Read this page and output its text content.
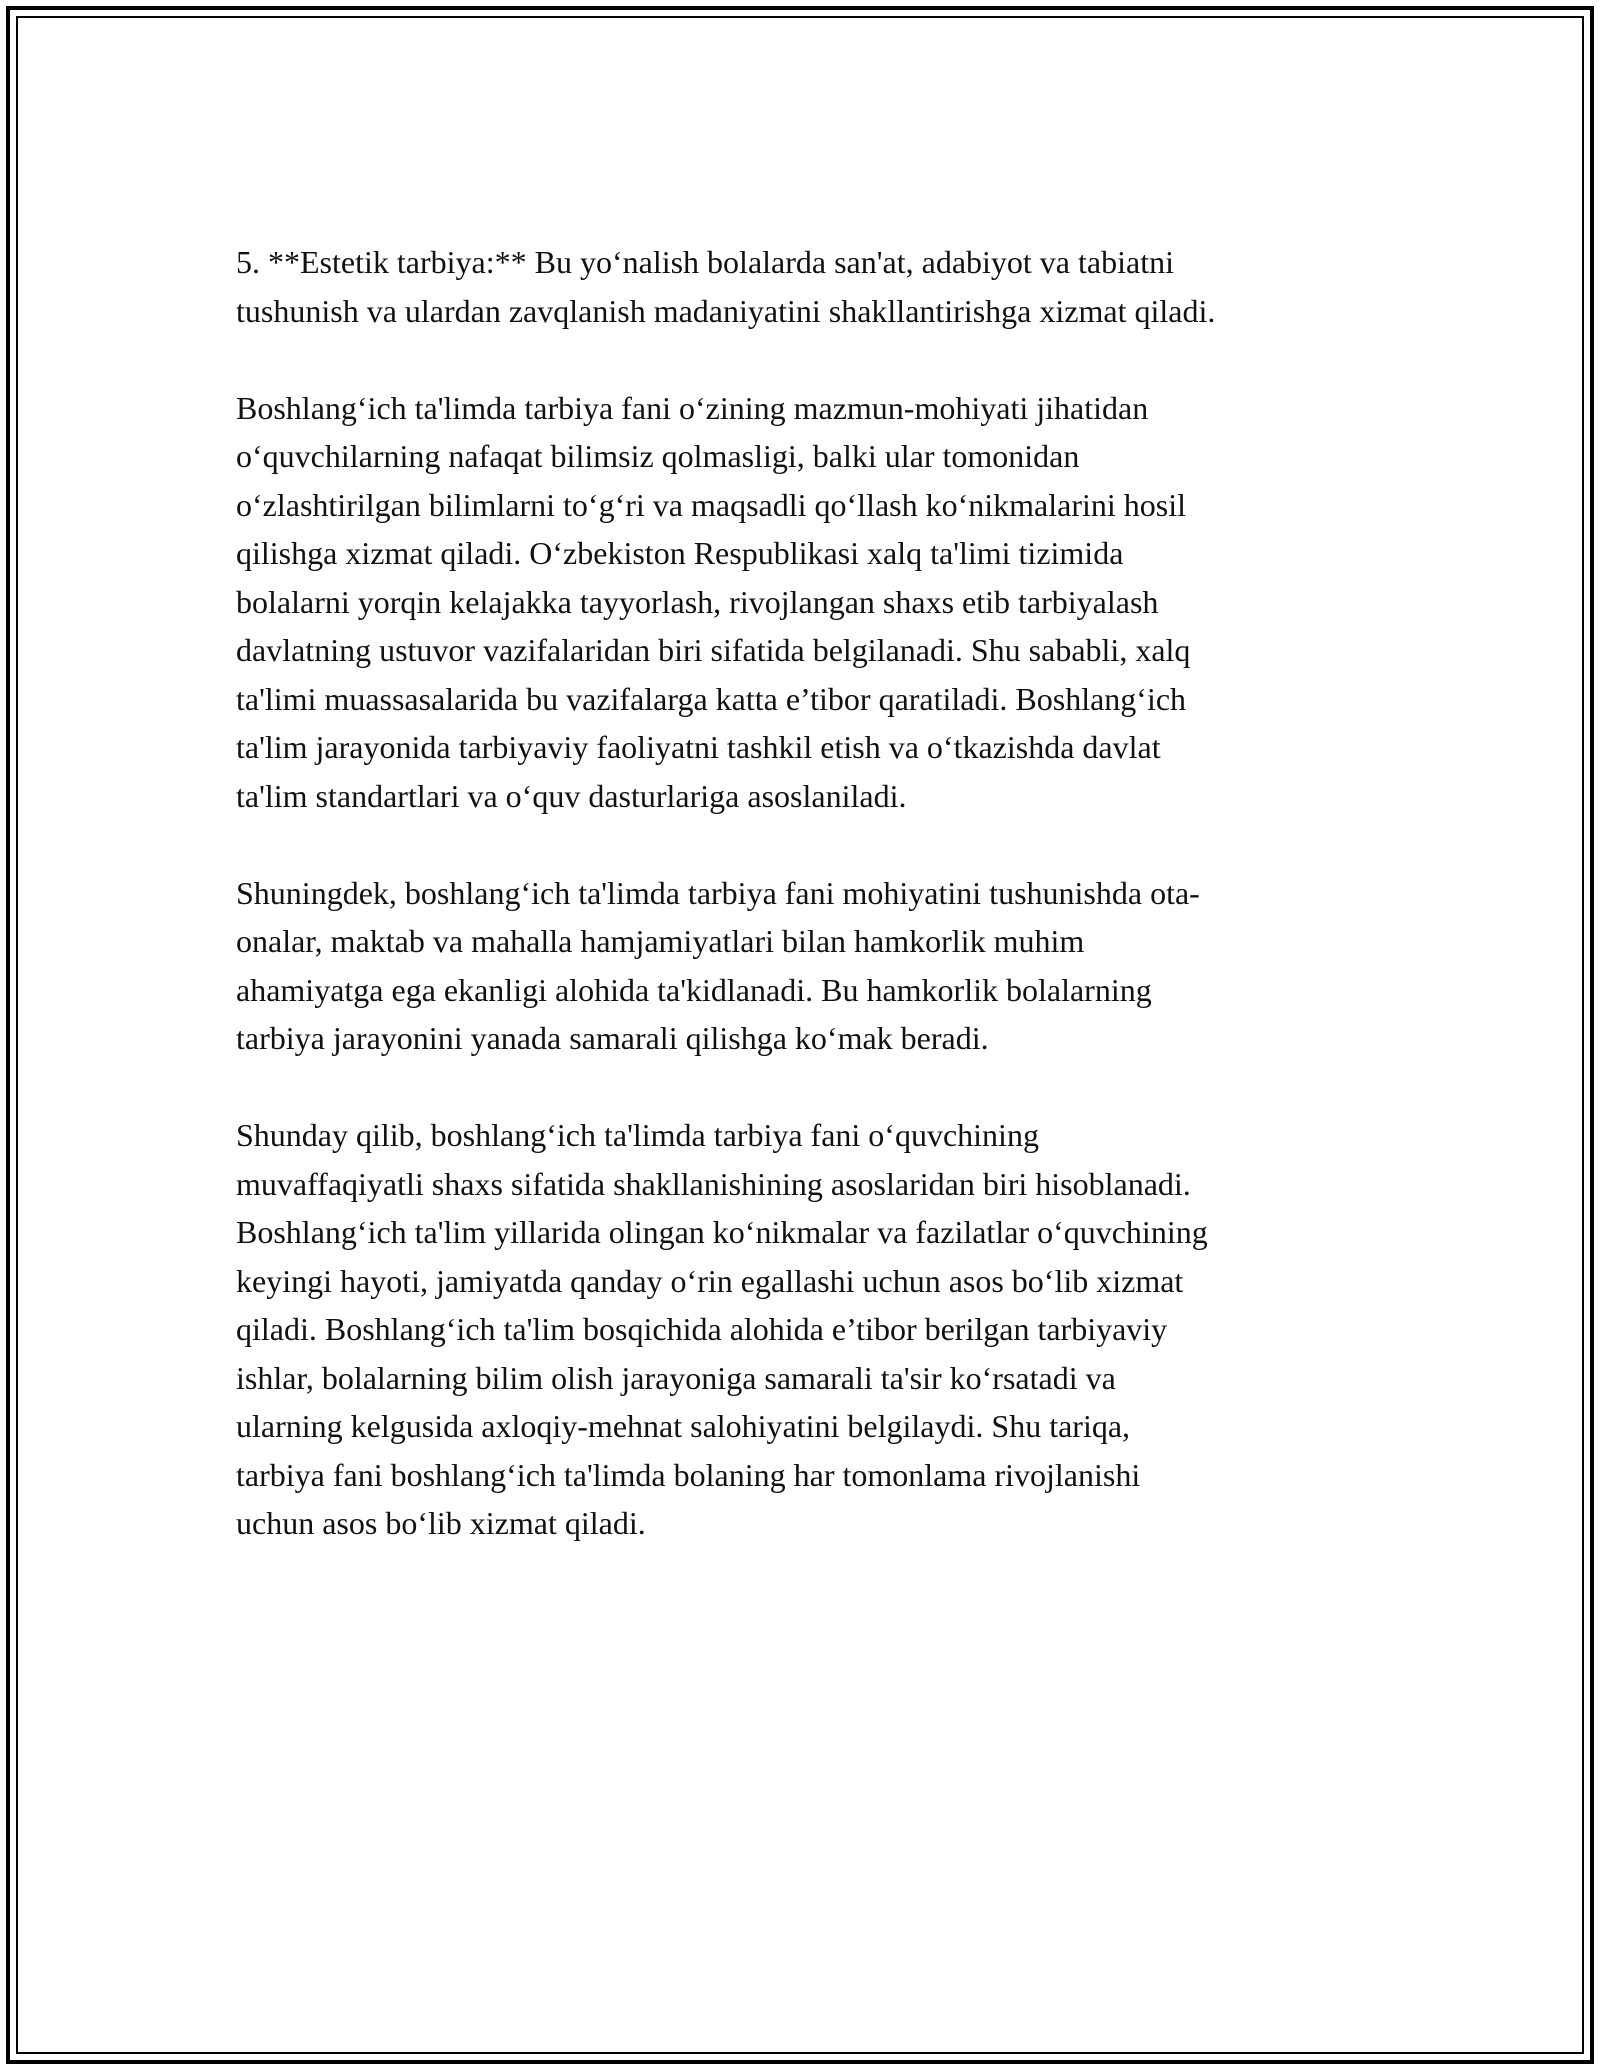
5. **Estetik tarbiya:** Bu yo‘nalish bolalarda san'at, adabiyot va tabiatni
tushunish va ulardan zavqlanish madaniyatini shakllantirishga xizmat qiladi.

Boshlang‘ich ta'limda tarbiya fani o‘zining mazmun-mohiyati jihatidan
o‘quvchilarning nafaqat bilimsiz qolmasligi, balki ular tomonidan
o‘zlashtirilgan bilimlarni to‘g‘ri va maqsadli qo‘llash ko‘nikmalarini hosil
qilishga xizmat qiladi. O‘zbekiston Respublikasi xalq ta'limi tizimida
bolalarni yorqin kelajakka tayyorlash, rivojlangan shaxs etib tarbiyalash
davlatning ustuvor vazifalaridan biri sifatida belgilanadi. Shu sababli, xalq
ta'limi muassasalarida bu vazifalarga katta e’tibor qaratiladi. Boshlang‘ich
ta'lim jarayonida tarbiyaviy faoliyatni tashkil etish va o‘tkazishda davlat
ta'lim standartlari va o‘quv dasturlariga asoslaniladi.

Shuningdek, boshlang‘ich ta'limda tarbiya fani mohiyatini tushunishda ota-
onalar, maktab va mahalla hamjamiyatlari bilan hamkorlik muhim
ahamiyatga ega ekanligi alohida ta'kidlanadi. Bu hamkorlik bolalarning
tarbiya jarayonini yanada samarali qilishga ko‘mak beradi.

Shunday qilib, boshlang‘ich ta'limda tarbiya fani o‘quvchining
muvaffaqiyatli shaxs sifatida shakllanishining asoslaridan biri hisoblanadi.
Boshlang‘ich ta'lim yillarida olingan ko‘nikmalar va fazilatlar o‘quvchining
keyingi hayoti, jamiyatda qanday o‘rin egallashi uchun asos bo‘lib xizmat
qiladi. Boshlang‘ich ta'lim bosqichida alohida e’tibor berilgan tarbiyaviy
ishlar, bolalarning bilim olish jarayoniga samarali ta'sir ko‘rsatadi va
ularning kelgusida axloqiy-mehnat salohiyatini belgilaydi. Shu tariqa,
tarbiya fani boshlang‘ich ta'limda bolaning har tomonlama rivojlanishi
uchun asos bo‘lib xizmat qiladi.
